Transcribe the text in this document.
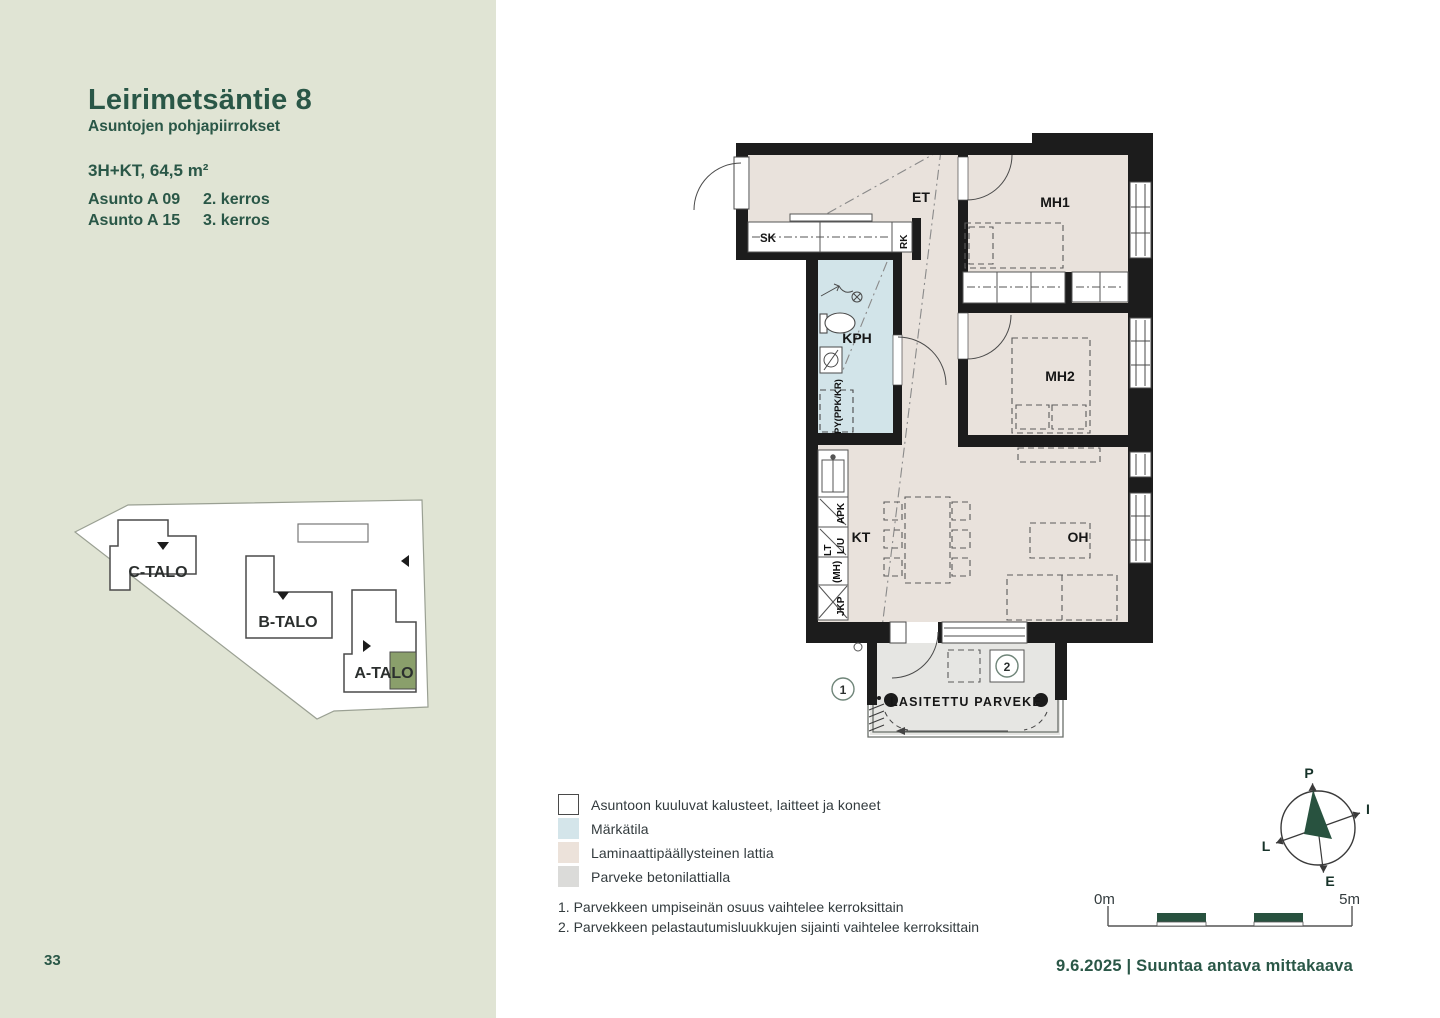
Leirimetsäntie 8
Asuntojen pohjapiirrokset
3H+KT, 64,5 m²
Asunto A 09	2. kerros
Asunto A 15	3. kerros
C-TALO
B-TALO
A-TALO
33
2
1
ET	MH1
MH2
KPH
KT	OH
SK	RK
LASITETTU PARVEKE
APK
L/U
LT
(MH)
JKP
PY(PPK/KR)
Asuntoon kuuluvat kalusteet, laitteet ja koneet
Märkätila
Laminaattipäällysteinen lattia
Parveke betonilattialla
1. Parvekkeen umpiseinän osuus vaihtelee kerroksittain
2. Parvekkeen pelastautumisluukkujen sijainti vaihtelee kerroksittain
P
I
E
L
0m	5m
9.6.2025 | Suuntaa antava mittakaava
